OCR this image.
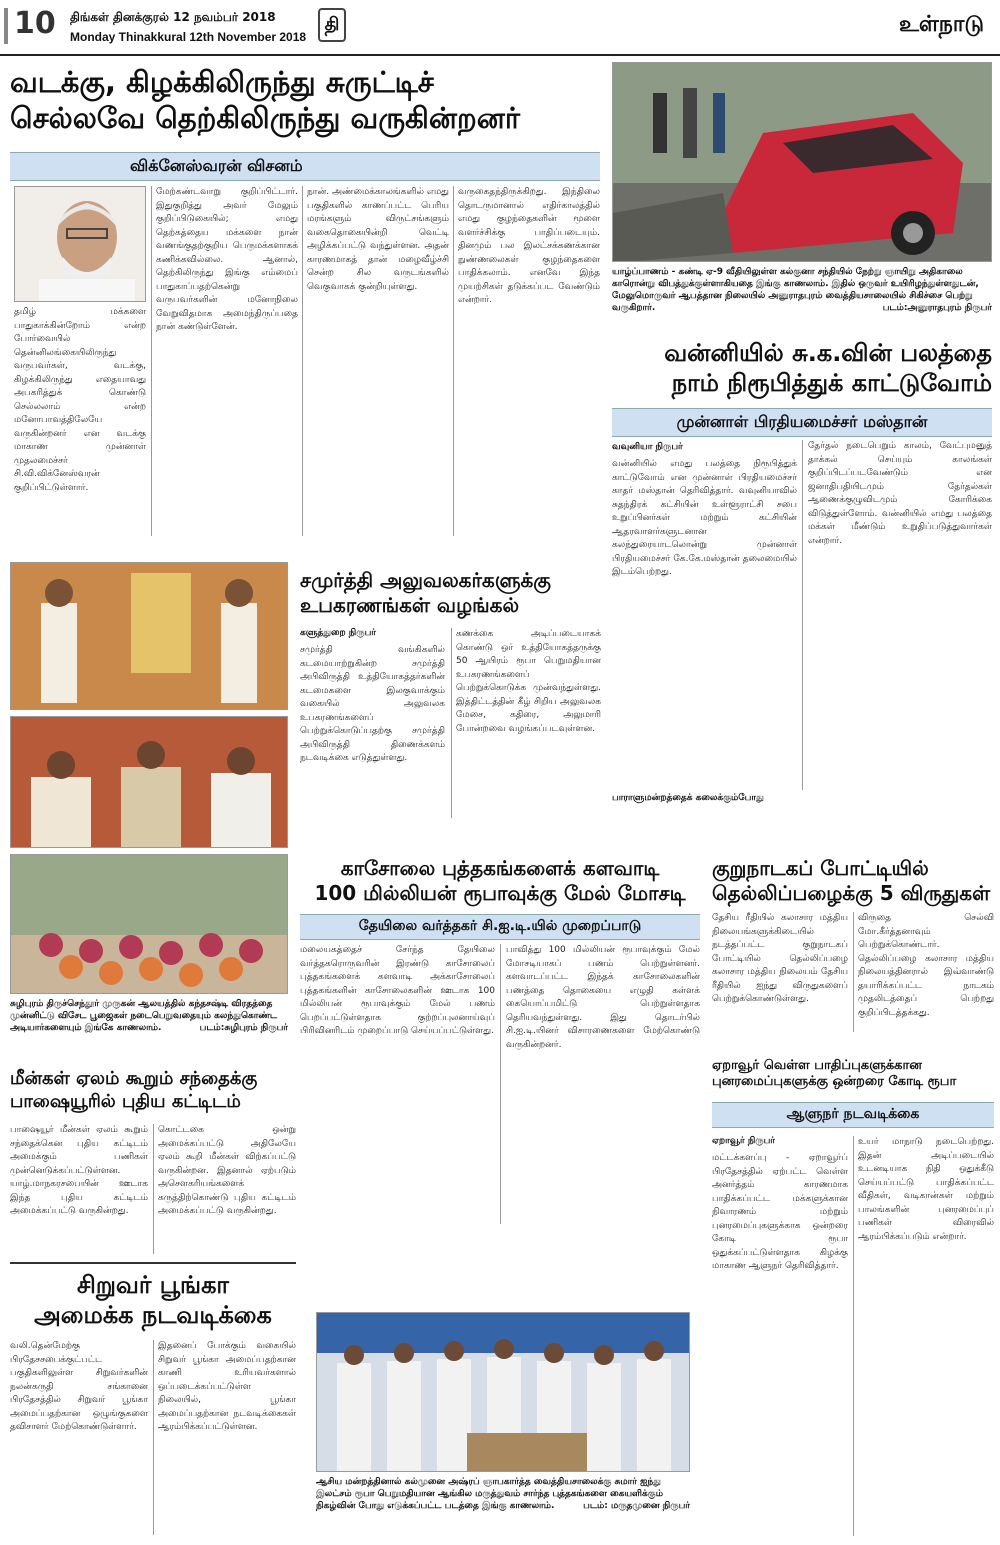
10 திங்கள் தினக்குரல் 12 நவம்பர் 2018
Monday Thinakkural 12th November 2018
தி	உள்நாடு
வடக்கு, கிழக்கிலிருந்து சுருட்டிச்
செல்லவே தெற்கிலிருந்து வருகின்றனர்
விக்னேஸ்வரன் விசனம்
தமிழ் மக்களை பாதுகாக்கின்றோம் என்ற போர்வையில் தென்னிலங்கையிலிருந்து வருபவர்கள், வடக்கு, கிழக்கிலிருந்து எதையாவது அபகரித்துக் கொண்டு செல்லலாம் என்ற மனோபாவத்திலேயே வருகின்றனர் என வடக்கு மாகாண முன்னாள் முதலமைச்சர் சி.வி.விக்னேஸ்வரன் குறிப்பிட்டுள்ளார்.
மேற்கண்டவாறு குறிப்பிட்டார். இதுகுறித்து அவர் மேலும் குறிப்பிடுகையில்; எமது தெற்கத்தைய மக்களை நான் வணங்குதற்குறிய பெருமக்களாகக் கணிக்கவில்லை. ஆனால், தெற்கிலிருந்து இங்கு எம்மைப் பாதுகாப்பதற்கென்று வருபவர்களின் மனோநிலை வேறுவிதமாக அமைந்திருப்பதை நான் கண்டுள்ளேன்.
நான். அண்மைக்காலங்களில் எமது பகுதிகளில் காணப்பட்ட பெரிய மரங்களும் விருட்சங்களும் வகைதொகையின்றி வெட்டி அழிக்கப்பட்டு வந்துள்ளன. அதன் காரணமாகத் தான் மழைவீழ்ச்சி சென்ற சில வருடங்களில் வெகுவாகக் குன்றியுள்ளது.
வருகைதந்திருக்கிறது. இந்திலை தொடருமானால் எதிர்காலத்தில் எமது குழந்தைகளின் மூளை வளர்ச்சிக்கு பாதிப்படையும். தினமும் பல இலட்சக்கணக்கான நுண்ணலைகள் குழந்தைகளை பாதிக்கலாம். எனவே இந்த முயற்சிகள் தடுக்கப்பட வேண்டும் என்றார்.
யாழ்ப்பாணம் - கண்டி ஏ-9 வீதியிலுள்ள கல்குனா சந்தியில் நேற்று ஞாயிறு அதிகாலை காரொன்று விபத்துக்குள்ளாகியதை இங்கு காணலாம். இதில் ஒருவர் உயிரிழந்துள்ளதுடன், மேலுமொருவர் ஆபத்தான நிலையில் அனுராதபுரம் வைத்தியசாலையில் சிகிச்சை பெற்று வருகிறார்.	படம்:அனுராதபுரம் நிருபர்
வன்னியில் சு.க.வின் பலத்தை
நாம் நிரூபித்துக் காட்டுவோம்
முன்னாள் பிரதியமைச்சர் மஸ்தான்
வவுனியா நிருபர்
வன்னியில் எமது பலத்தை நிரூபித்துக் காட்டுவோம் என முன்னாள் பிரதியமைச்சர் காதர் மஸ்தான் தெரிவித்தார். வவுனியாவில் சுதந்திரக் கட்சியின் உள்ளூராட்சி சபை உறுப்பினர்கள் மற்றும் கட்சியின் ஆதரவாளர்களுடனான கலந்துரையாடலொன்று முன்னாள் பிரதியமைச்சர் கே.கே.மஸ்தான் தலைமையில் இடம்பெற்றது.
தேர்தல் நடைபெறும் காலம், வேட்புமனுத் தாக்கல் செய்யும் காலங்கள் குறிப்பிடப்படவேண்டும் என ஜனாதிபதியிடமும் தேர்தல்கள் ஆணைக்குழுவிடமும் கோரிக்கை விடுத்துள்ளோம். வன்னியில் எமது பலத்தை மக்கள் மீண்டும் உறுதிப்படுத்துவார்கள் என்றார்.
பாராளுமன்றத்தைக் கலைக்கும்போது
சுழிபுரம் திருச்செந்தூர் முருகன் ஆலயத்தில் கந்தசஷ்டி விரதத்தை முன்னிட்டு விசேட பூஜைகள் நடைபெறுவதையும் கலந்துகொண்ட அடியார்களையும் இங்கே காணலாம்.	படம்:சுழிபுரம் நிருபர்
சமுர்த்தி அலுவலகர்களுக்கு
உபகரணங்கள் வழங்கல்
களுத்துறை நிருபர்
சமுர்த்தி வங்கிகளில் கடமையாற்றுகின்ற சமுர்த்தி அபிவிருத்தி உத்தியோகத்தர்களின் கடமைகளை இலகுவாக்கும் வகையில் அலுவலக உபகரணங்களைப் பெற்றுக்கொடுப்பதற்கு சமுர்த்தி அபிவிருத்தி திணைக்களம் நடவடிக்கை எடுத்துள்ளது.
கணக்கை அடிப்படையாகக் கொண்டு ஒர் உத்தியோகத்தருக்கு 50 ஆயிரம் ரூபா பெறுமதியான உபகரணங்களைப் பெற்றுக்கொடுக்க முன்வந்துள்ளது. இத்திட்டத்தின் கீழ் சிறிய அலுவலக மேசை, கதிரை, அலுமாரி போன்றவை வழங்கப்படவுள்ளன.
காசோலை புத்தகங்களைக் களவாடி
100 மில்லியன் ரூபாவுக்கு மேல் மோசடி
தேயிலை வர்த்தகர் சி.ஐ.டி.யில் முறைப்பாடு
மலையகத்தைச் சேர்ந்த தேயிலை வர்த்தகரொருவரின் இரண்டு காசோலைப் புத்தகங்களைக் களவாடி அக்காசோலைப் புத்தகங்களின் காசோலைகளின் ஊடாக 100 மில்லியன் ரூபாவுக்கும் மேல் பணம் பெறப்பட்டுள்ளதாக குற்றப்புலனாய்வுப் பிரிவினரிடம் முறைப்பாடு செய்யப்பட்டுள்ளது.
பாவித்து 100 மில்லியன் ரூபாவுக்கும் மேல் மோசடியாகப் பணம் பெற்றுள்ளனர். களவாடப்பட்ட இந்தக் காசோலைகளின் பணத்தை தொகையை எழுதி கள்ளக் கையொப்பமிட்டு பெற்றுள்ளதாக தெரியவந்துள்ளது. இது தொடர்பில் சி.ஐ.டி.யினர் விசாரணைகளை மேற்கொண்டு வருகின்றனர்.
குறுநாடகப் போட்டியில்
தெல்லிப்பழைக்கு 5 விருதுகள்
தேசிய ரீதியில் கலாசார மத்திய நிலையங்களுக்கிடையில் நடத்தப்பட்ட குறுநாடகப் போட்டியில் தெல்லிப்பழை கலாசார மத்திய நிலையம் தேசிய ரீதியில் ஐந்து விருதுகளைப் பெற்றுக்கொண்டுள்ளது.
விருதை செல்வி மோ.கீர்த்தனாவும் பெற்றுக்கொண்டார். தெல்லிப்பழை கலாசார மத்திய நிலையத்தினரால் இவ்வாண்டு தயாரிக்கப்பட்ட நாடகம் முதலிடத்தைப் பெற்றது குறிப்பிடத்தக்கது.
ஏறாவூர் வெள்ள பாதிப்புகளுக்கான புனரமைப்புகளுக்கு ஒன்றரை கோடி ரூபா
ஆளுநர் நடவடிக்கை
ஏறாவூர் நிருபர்
மட்டக்களப்பு - ஏறாவூர்ப் பிரதேசத்தில் ஏற்பட்ட வெள்ள அனர்த்தம் காரணமாக பாதிக்கப்பட்ட மக்களுக்கான நிவாரணம் மற்றும் புனரமைப்புகளுக்காக ஒன்றரை கோடி ரூபா ஒதுக்கப்பட்டுள்ளதாக கிழக்கு மாகாண ஆளுநர் தெரிவித்தார்.
உயர் மாநாடு நடைபெற்றது. இதன் அடிப்படையில் உடனடியாக நிதி ஒதுக்கீடு செய்யப்பட்டு பாதிக்கப்பட்ட வீதிகள், வடிகான்கள் மற்றும் பாலங்களின் புனரமைப்புப் பணிகள் விரைவில் ஆரம்பிக்கப்படும் என்றார்.
மீன்கள் ஏலம் கூறும் சந்தைக்கு
பாஷையூரில் புதிய கட்டிடம்
பாஷையூர் மீன்கள் ஏலம் கூறும் சந்தைக்கென புதிய கட்டிடம் அமைக்கும் பணிகள் முன்னெடுக்கப்பட்டுள்ளன. யாழ்.மாநகரசபையின் ஊடாக இந்த புதிய கட்டிடம் அமைக்கப்பட்டு வருகின்றது.
கொட்டகை ஒன்று அமைக்கப்பட்டு அதிலேயே ஏலம் கூறி மீன்கள் விற்கப்பட்டு வருகின்றன. இதனால் ஏற்படும் அசௌகரியங்களைக் கருத்திற்கொண்டு புதிய கட்டிடம் அமைக்கப்பட்டு வருகின்றது.
சிறுவர் பூங்கா
அமைக்க நடவடிக்கை
வலி.தென்மேற்கு பிரதேசசபைக்குட்பட்ட பகுதிகளிலுள்ள சிறுவர்களின் நலன்கருதி சங்கானை பிரதேசத்தில் சிறுவர் பூங்கா அமைப்பதற்கான ஒழுங்குகளை தவிசாளர் மேற்கொண்டுள்ளார்.
இதனைப் போக்கும் வகையில் சிறுவர் பூங்கா அமைப்பதற்கான காணி உரியவர்களால் ஒப்படைக்கப்பட்டுள்ள நிலையில், பூங்கா அமைப்பதற்கான நடவடிக்கைகள் ஆரம்பிக்கப்பட்டுள்ளன.
ஆசிய மன்றத்தினால் கல்முனை அஷ்ரப் ஞாபகார்த்த வைத்தியசாலைக்கு சுமார் ஐந்து இலட்சம் ரூபா பெறுமதியான ஆங்கில மருத்துவம் சார்ந்த புத்தகங்களை கையளிக்கும் நிகழ்வின் போது எடுக்கப்பட்ட படத்தை இங்கு காணலாம்.	படம்: மருதமுனை நிருபர்
